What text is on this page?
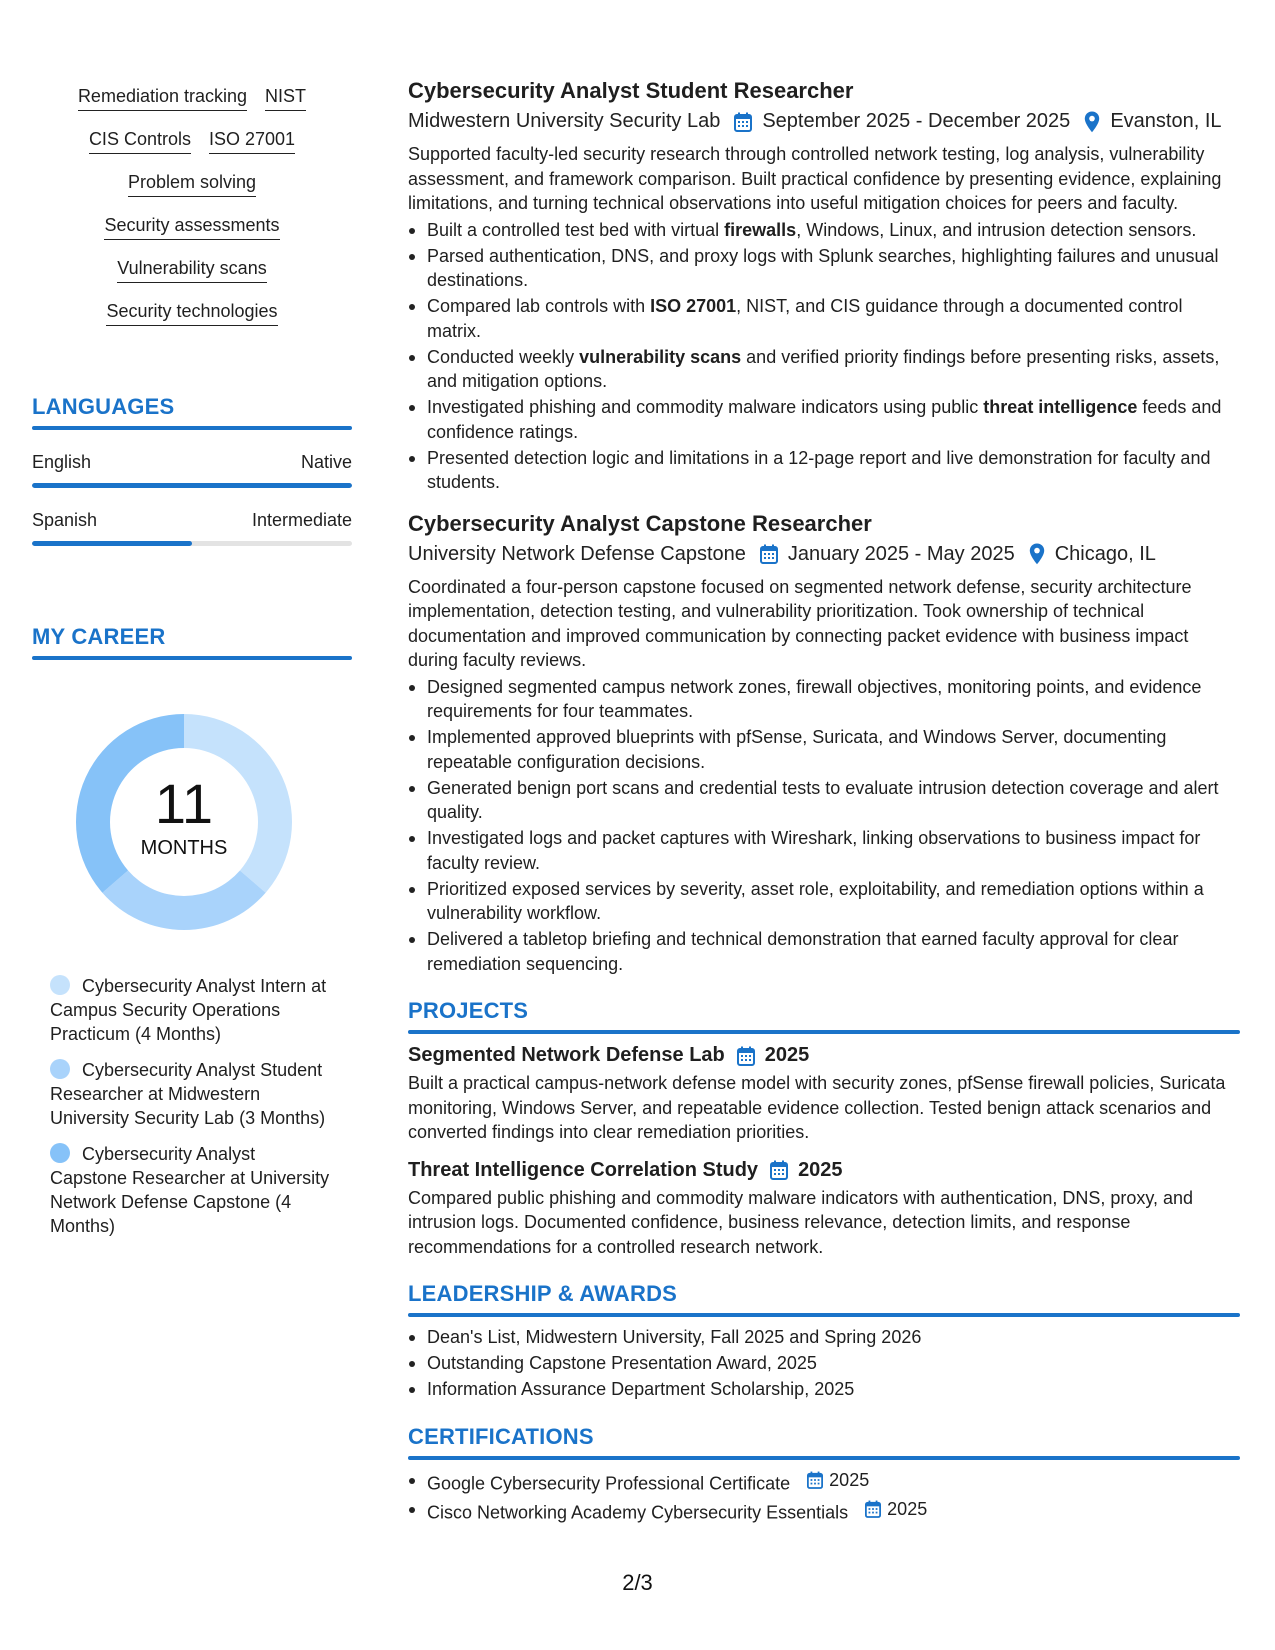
Remediation tracking NIST
CIS Controls ISO 27001
Problem solving
Security assessments
Vulnerability scans
Security technologies
LANGUAGES
English	Native
Spanish	Intermediate
MY CAREER
11
MONTHS
Cybersecurity Analyst Intern at Campus Security Operations Practicum (4 Months)
Cybersecurity Analyst Student Researcher at Midwestern University Security Lab (3 Months)
Cybersecurity Analyst Capstone Researcher at University Network Defense Capstone (4 Months)
Cybersecurity Analyst Student Researcher
Midwestern University Security Lab September 2025 - December 2025 Evanston, IL
Supported faculty-led security research through controlled network testing, log analysis, vulnerability assessment, and framework comparison. Built practical confidence by presenting evidence, explaining limitations, and turning technical observations into useful mitigation choices for peers and faculty.
Built a controlled test bed with virtual firewalls, Windows, Linux, and intrusion detection sensors.
Parsed authentication, DNS, and proxy logs with Splunk searches, highlighting failures and unusual destinations.
Compared lab controls with ISO 27001, NIST, and CIS guidance through a documented control matrix.
Conducted weekly vulnerability scans and verified priority findings before presenting risks, assets, and mitigation options.
Investigated phishing and commodity malware indicators using public threat intelligence feeds and confidence ratings.
Presented detection logic and limitations in a 12-page report and live demonstration for faculty and students.
Cybersecurity Analyst Capstone Researcher
University Network Defense Capstone January 2025 - May 2025 Chicago, IL
Coordinated a four-person capstone focused on segmented network defense, security architecture implementation, detection testing, and vulnerability prioritization. Took ownership of technical documentation and improved communication by connecting packet evidence with business impact during faculty reviews.
Designed segmented campus network zones, firewall objectives, monitoring points, and evidence requirements for four teammates.
Implemented approved blueprints with pfSense, Suricata, and Windows Server, documenting repeatable configuration decisions.
Generated benign port scans and credential tests to evaluate intrusion detection coverage and alert quality.
Investigated logs and packet captures with Wireshark, linking observations to business impact for faculty review.
Prioritized exposed services by severity, asset role, exploitability, and remediation options within a vulnerability workflow.
Delivered a tabletop briefing and technical demonstration that earned faculty approval for clear remediation sequencing.
PROJECTS
Segmented Network Defense Lab 2025
Built a practical campus-network defense model with security zones, pfSense firewall policies, Suricata monitoring, Windows Server, and repeatable evidence collection. Tested benign attack scenarios and converted findings into clear remediation priorities.
Threat Intelligence Correlation Study 2025
Compared public phishing and commodity malware indicators with authentication, DNS, proxy, and intrusion logs. Documented confidence, business relevance, detection limits, and response recommendations for a controlled research network.
LEADERSHIP & AWARDS
Dean's List, Midwestern University, Fall 2025 and Spring 2026
Outstanding Capstone Presentation Award, 2025
Information Assurance Department Scholarship, 2025
CERTIFICATIONS
Google Cybersecurity Professional Certificate 2025
Cisco Networking Academy Cybersecurity Essentials 2025
2/3
